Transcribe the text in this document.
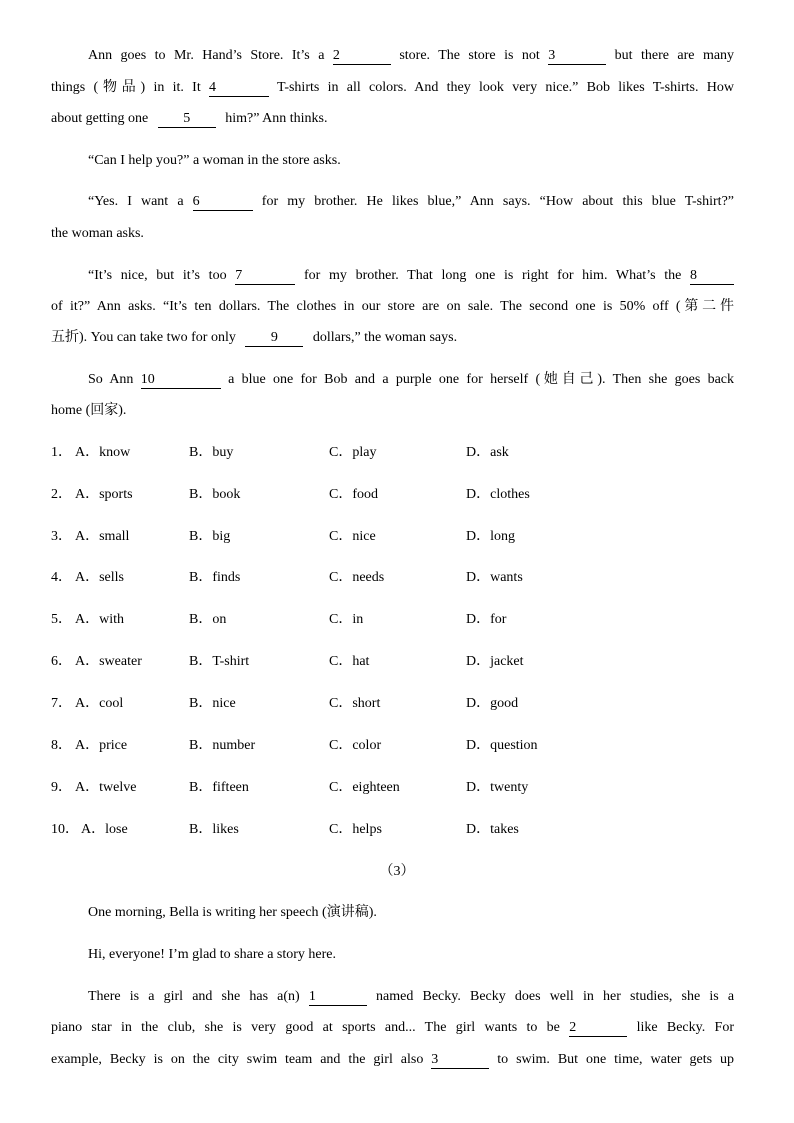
Ann goes to Mr. Hand’s Store. It’s a 2	store. The store is not 3	but there are many
things (物品) in it. It 4	T-shirts in all colors. And they look very nice.” Bob likes T-shirts. How
about getting one	5	him?” Ann thinks.
“Can I help you?” a woman in the store asks.
“Yes. I want a 6	for my brother. He likes blue,” Ann says. “How about this blue T-shirt?”
the woman asks.
“It’s nice, but it’s too 7	for my brother. That long one is right for him. What’s the 8
of it?” Ann asks. “It’s ten dollars. The clothes in our store are on sale. The second one is 50% off (第二件
五折). You can take two for only	9	dollars,” the woman says.
So Ann 10	a blue one for Bob and a purple one for herself (她自己). Then she goes back
home (回家).
1． A．know	B．buy	C．play	D．ask
2． A．sports	B．book	C．food	D．clothes
3． A．small	B．big	C．nice	D．long
4． A．sells	B．finds	C．needs	D．wants
5． A．with	B．on	C．in	D．for
6． A．sweater	B．T-shirt	C．hat	D．jacket
7． A．cool	B．nice	C．short	D．good
8． A．price	B．number	C．color	D．question
9． A．twelve	B．fifteen	C．eighteen	D．twenty
10． A．lose	B．likes	C．helps	D．takes
（3）
One morning, Bella is writing her speech (演讲稿).
Hi, everyone! I’m glad to share a story here.
There is a girl and she has a(n) 1	named Becky. Becky does well in her studies, she is a
piano star in the club, she is very good at sports and... The girl wants to be 2	like Becky. For
example, Becky is on the city swim team and the girl also 3	to swim. But one time, water gets up
